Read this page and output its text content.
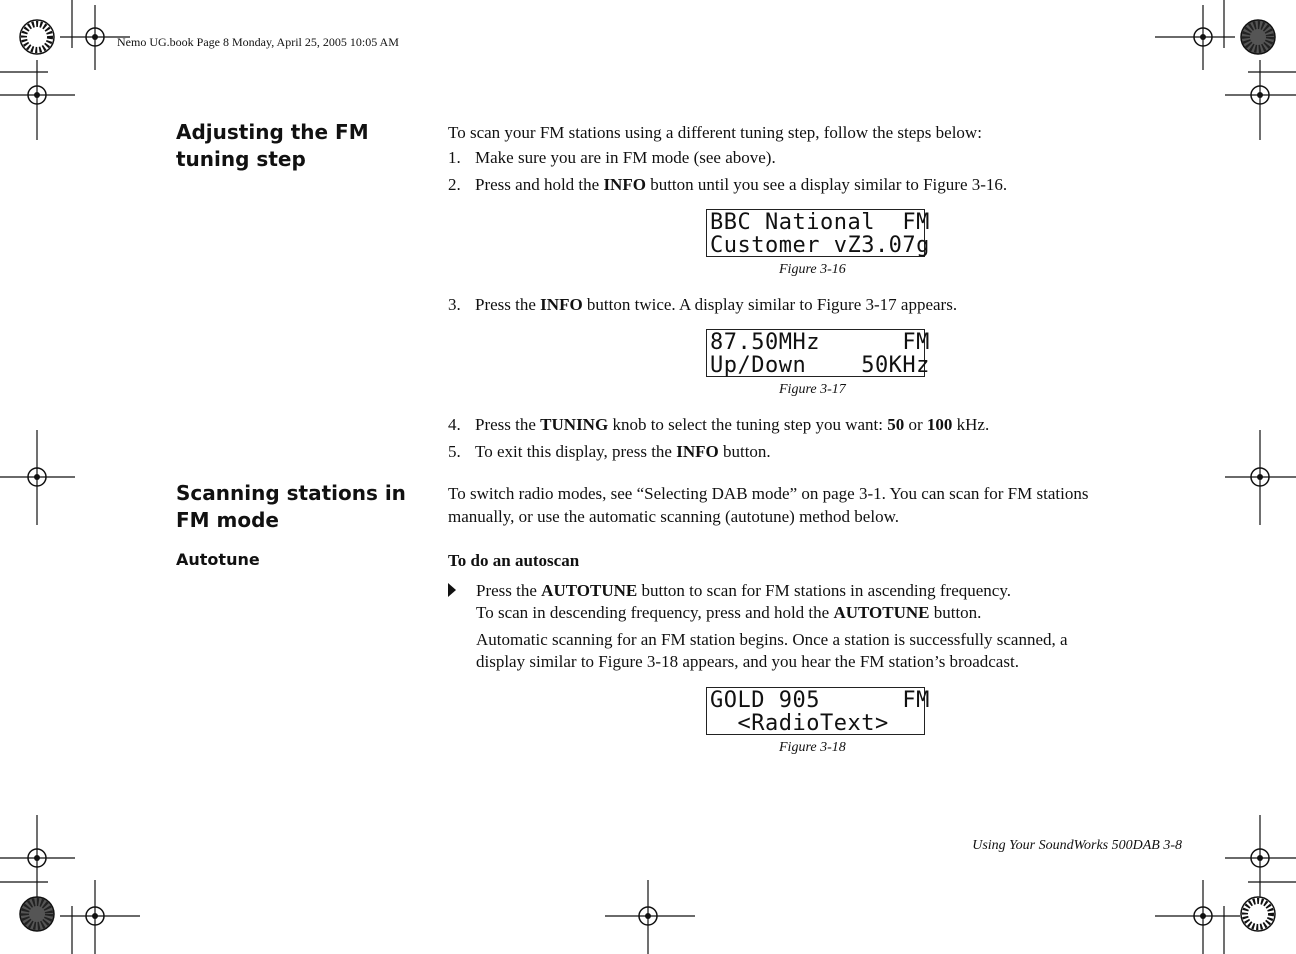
Nemo UG.book Page 8 Monday, April 25, 2005 10:05 AM
Adjusting the FM
tuning step
To scan your FM stations using a different tuning step, follow the steps below:
1. Make sure you are in FM mode (see above).
2. Press and hold the INFO button until you see a display similar to Figure 3-16.
BBC National  FM
Customer vZ3.07g
Figure 3-16
3. Press the INFO button twice. A display similar to Figure 3-17 appears.
87.50MHz      FM
Up/Down    50KHz
Figure 3-17
4. Press the TUNING knob to select the tuning step you want: 50 or 100 kHz.
5. To exit this display, press the INFO button.
Scanning stations in
FM mode
To switch radio modes, see “Selecting DAB mode” on page 3-1. You can scan for FM stations
manually, or use the automatic scanning (autotune) method below.
Autotune	To do an autoscan
Press the AUTOTUNE button to scan for FM stations in ascending frequency.
To scan in descending frequency, press and hold the AUTOTUNE button.
Automatic scanning for an FM station begins. Once a station is successfully scanned, a
display similar to Figure 3-18 appears, and you hear the FM station’s broadcast.
GOLD 905      FM
<RadioText>
Figure 3-18
Using Your SoundWorks 500DAB 3-8
